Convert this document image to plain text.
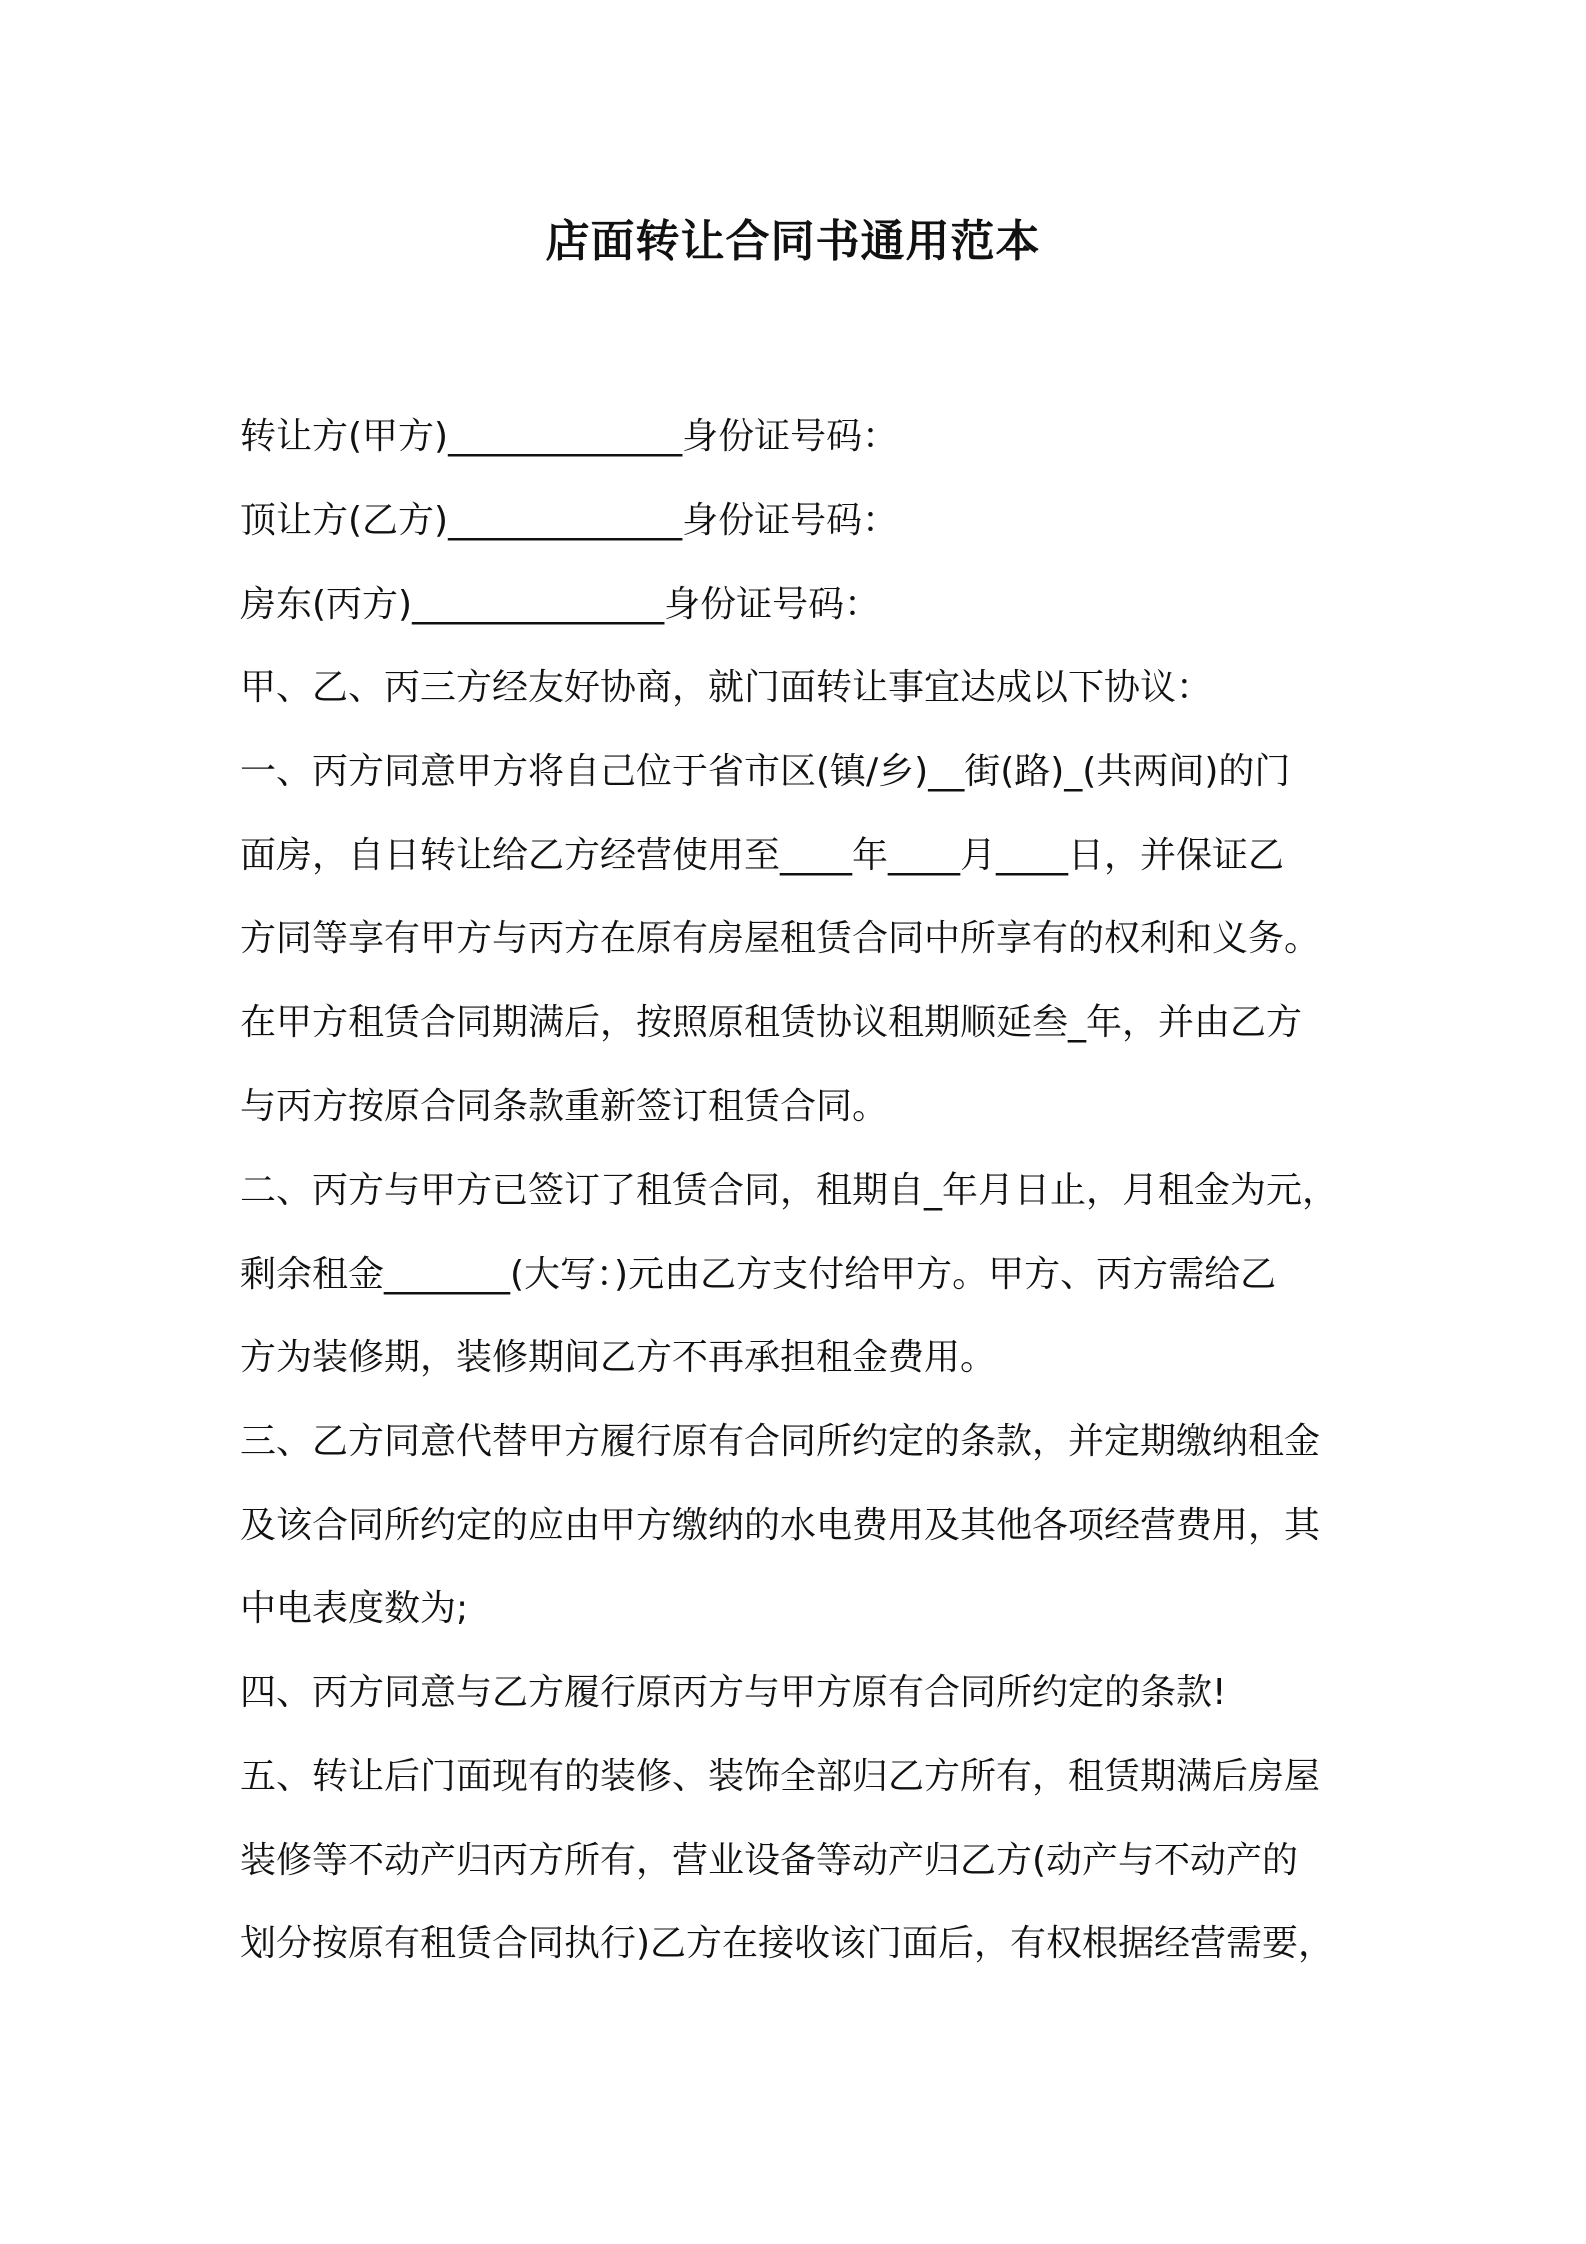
店面转让合同书通用范本
转让方(甲方)_____________身份证号码：
顶让方(乙方)_____________身份证号码：
房东(丙方)______________身份证号码：
甲、乙、丙三方经友好协商，就门面转让事宜达成以下协议：
一、丙方同意甲方将自己位于省市区(镇/乡)__街(路)_(共两间)的门
面房，自日转让给乙方经营使用至____年____月____日，并保证乙
方同等享有甲方与丙方在原有房屋租赁合同中所享有的权利和义务。
在甲方租赁合同期满后，按照原租赁协议租期顺延叁_年，并由乙方
与丙方按原合同条款重新签订租赁合同。
二、丙方与甲方已签订了租赁合同，租期自_年月日止，月租金为元，
剩余租金_______(大写：)元由乙方支付给甲方。甲方、丙方需给乙
方为装修期，装修期间乙方不再承担租金费用。
三、乙方同意代替甲方履行原有合同所约定的条款，并定期缴纳租金
及该合同所约定的应由甲方缴纳的水电费用及其他各项经营费用，其
中电表度数为;
四、丙方同意与乙方履行原丙方与甲方原有合同所约定的条款!
五、转让后门面现有的装修、装饰全部归乙方所有，租赁期满后房屋
装修等不动产归丙方所有，营业设备等动产归乙方(动产与不动产的
划分按原有租赁合同执行)乙方在接收该门面后，有权根据经营需要，
